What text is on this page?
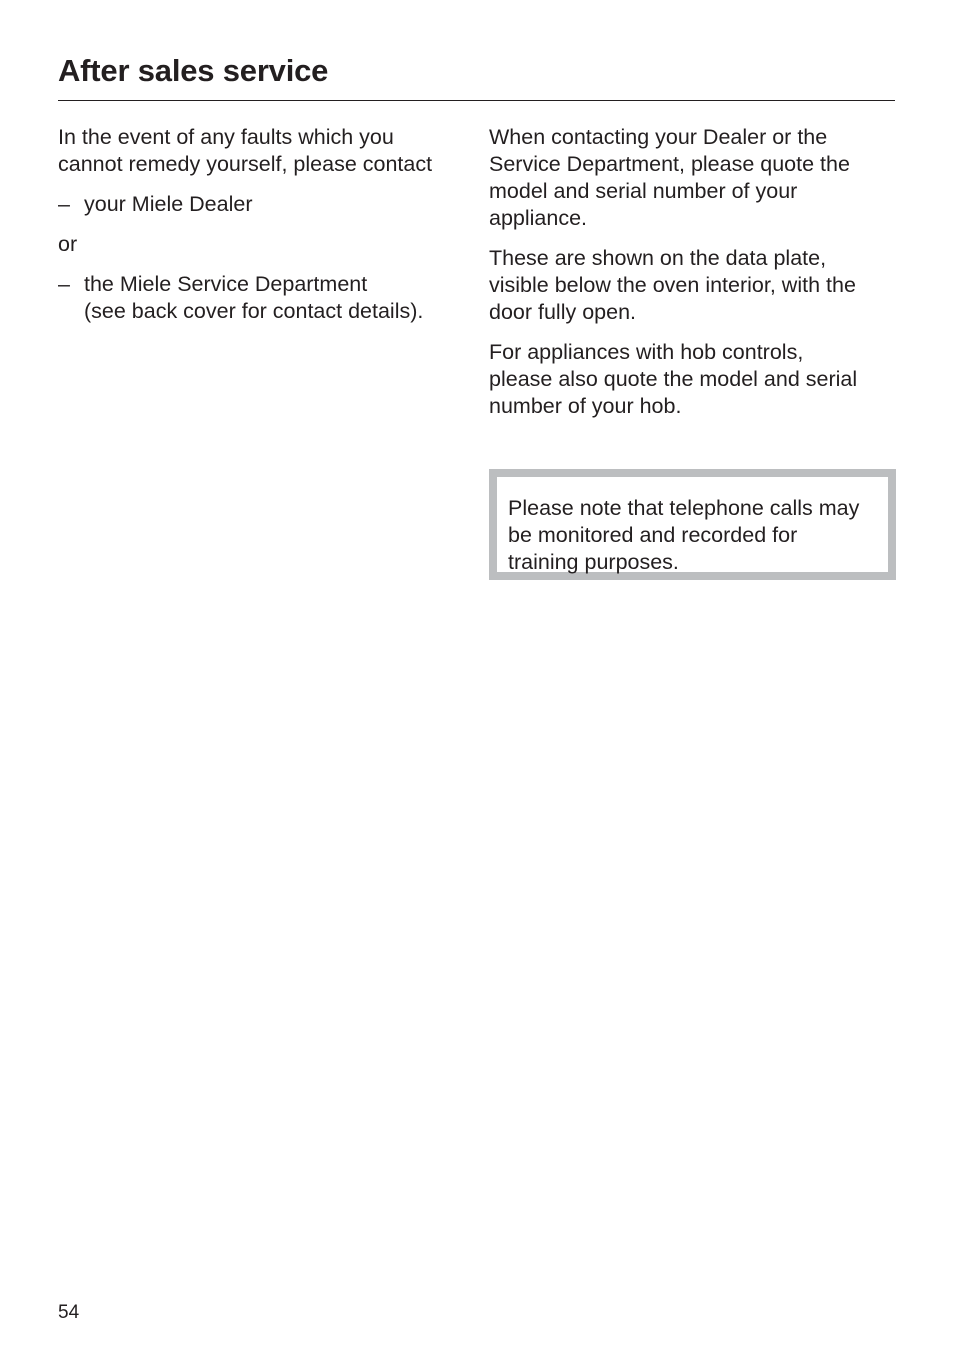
After sales service

In the event of any faults which you
cannot remedy yourself, please contact

– your Miele Dealer

or

– the Miele Service Department
(see back cover for contact details).

When contacting your Dealer or the
Service Department, please quote the
model and serial number of your
appliance.

These are shown on the data plate,
visible below the oven interior, with the
door fully open.

For appliances with hob controls,
please also quote the model and serial
number of your hob.

Please note that telephone calls may
be monitored and recorded for
training purposes.
54
